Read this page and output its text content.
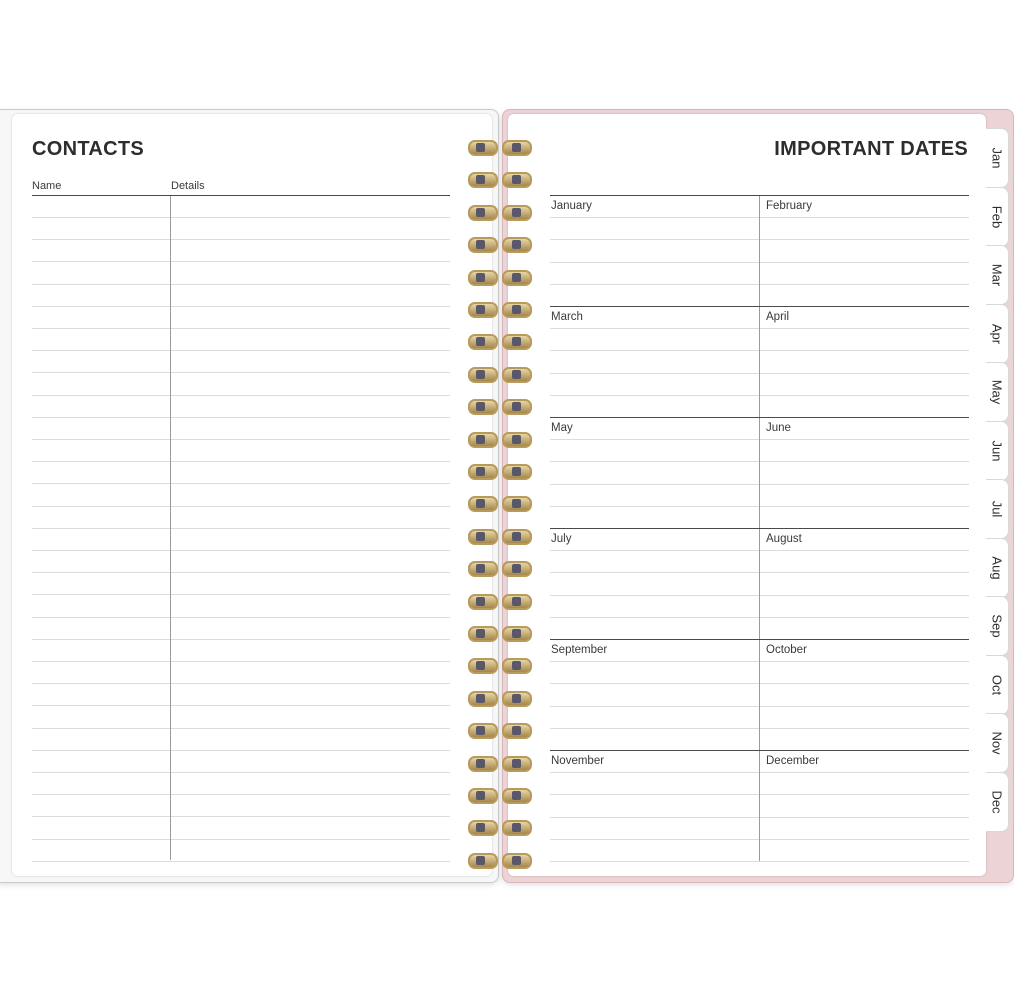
CONTACTS
Name	Details
IMPORTANT DATES
January	February
March	April
May	June
July	August
September	October
November	December
Jan
Feb
Mar
Apr
May
Jun
Jul
Aug
Sep
Oct
Nov
Dec
